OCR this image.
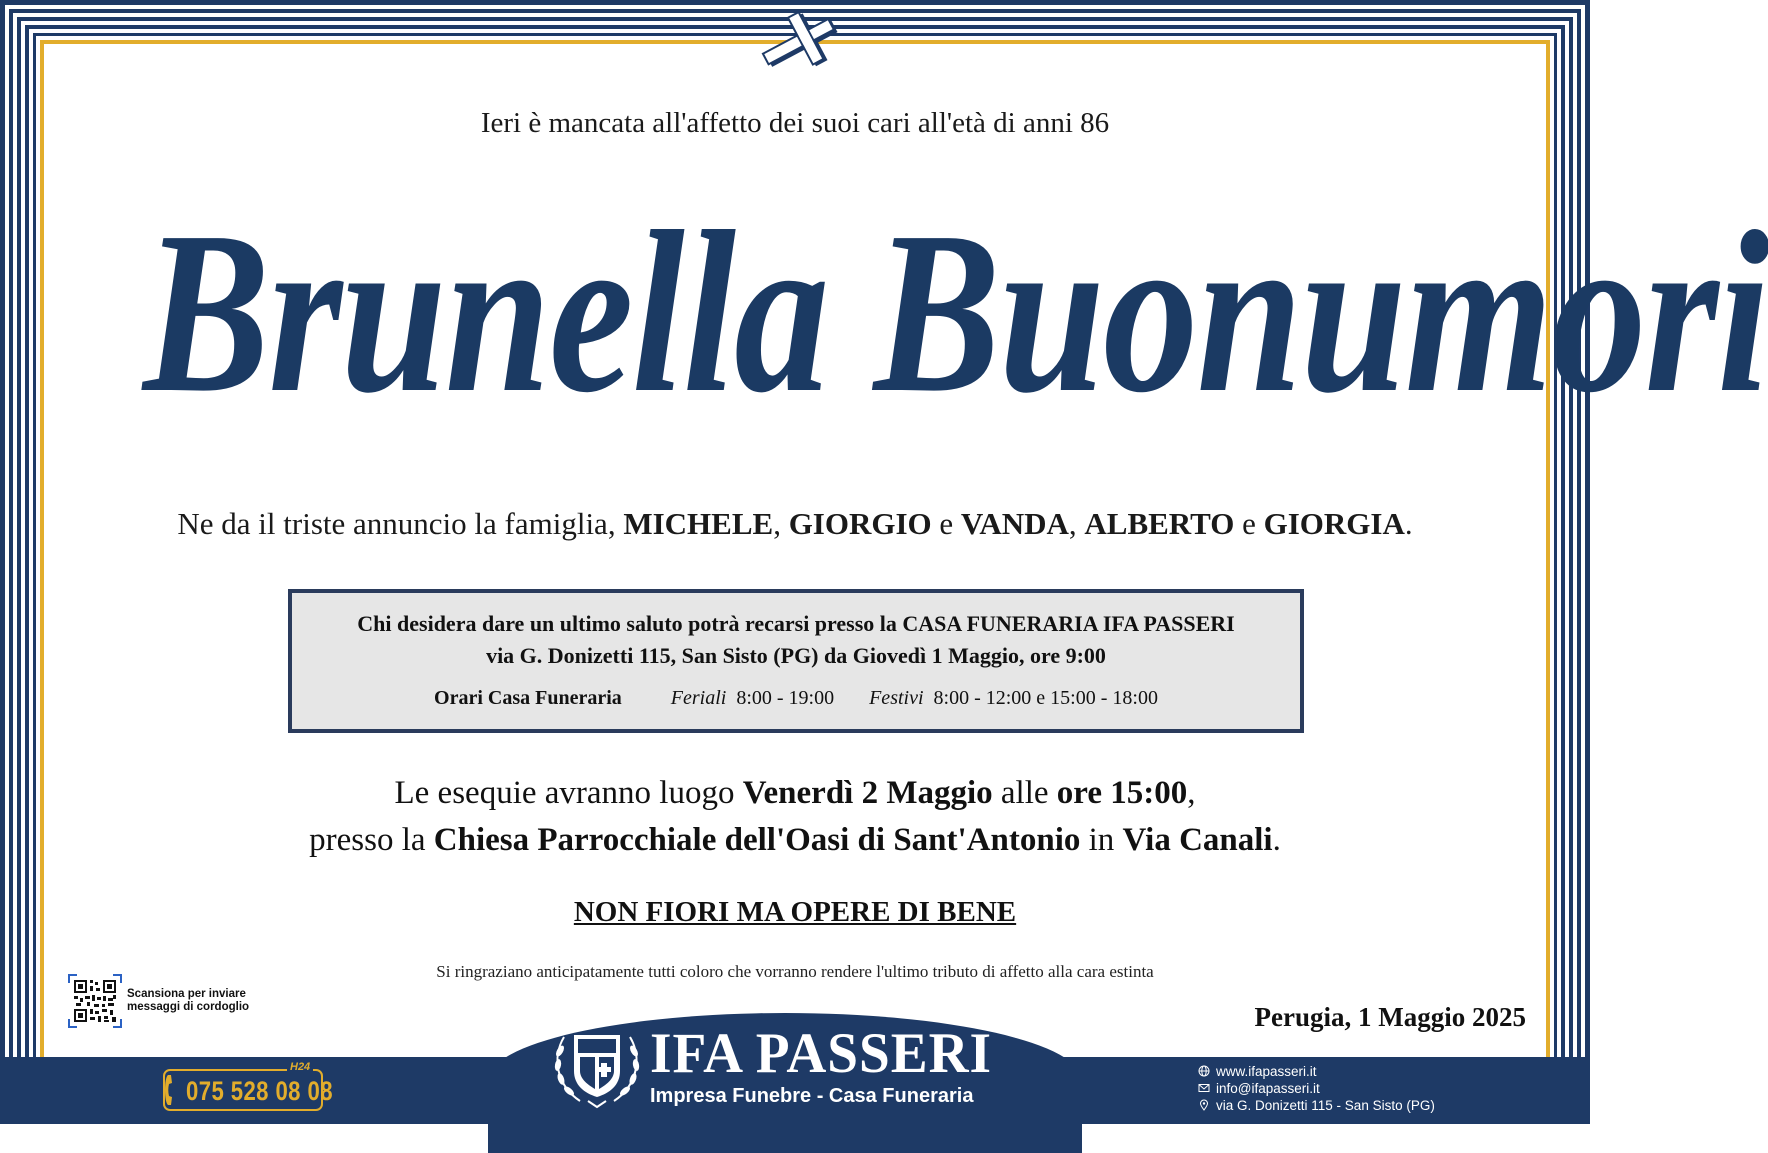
Ieri è mancata all'affetto dei suoi cari all'età di anni 86
Brunella Buonumori
Ne da il triste annuncio la famiglia, MICHELE, GIORGIO e VANDA, ALBERTO e GIORGIA.
Chi desidera dare un ultimo saluto potrà recarsi presso la CASA FUNERARIA IFA PASSERI
via G. Donizetti 115, San Sisto (PG) da Giovedì 1 Maggio, ore 9:00
Orari Casa Funeraria Feriali 8:00 - 19:00 Festivi 8:00 - 12:00 e 15:00 - 18:00
Le esequie avranno luogo Venerdì 2 Maggio alle ore 15:00,
presso la Chiesa Parrocchiale dell'Oasi di Sant'Antonio in Via Canali.
NON FIORI MA OPERE DI BENE
Si ringraziano anticipatamente tutti coloro che vorranno rendere l'ultimo tributo di affetto alla cara estinta
Scansiona per inviare
messaggi di cordoglio	Perugia, 1 Maggio 2025
075 528 08 08
H24	IFA PASSERI
Impresa Funebre - Casa Funeraria
www.ifapasseri.it
info@ifapasseri.it
via G. Donizetti 115 - San Sisto (PG)
